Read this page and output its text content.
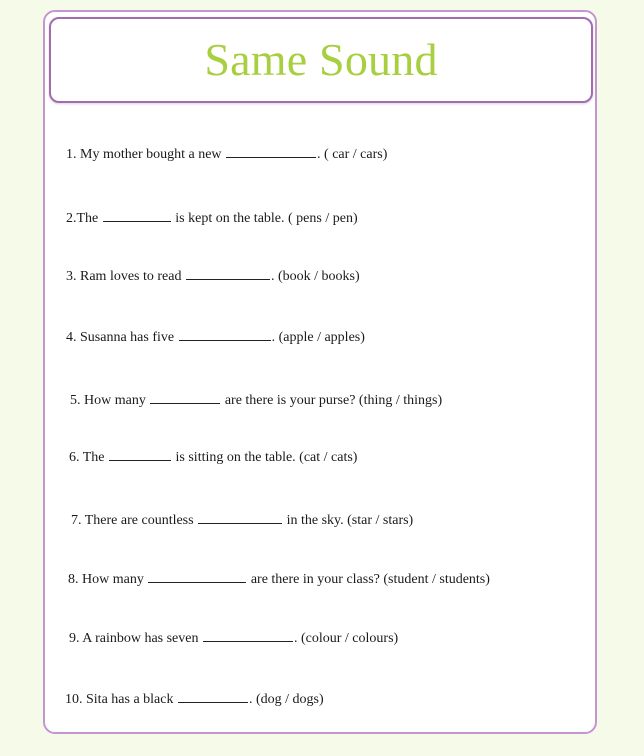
Same Sound
1. My mother bought a new	. ( car / cars)
2.The	is kept on the table. ( pens / pen)
3. Ram loves to read	. (book / books)
4. Susanna has five	. (apple / apples)
5. How many	are there is your purse? (thing / things)
6. The	is sitting on the table. (cat / cats)
7. There are countless	in the sky. (star / stars)
8. How many	are there in your class? (student / students)
9. A rainbow has seven	. (colour / colours)
10. Sita has a black	. (dog / dogs)
